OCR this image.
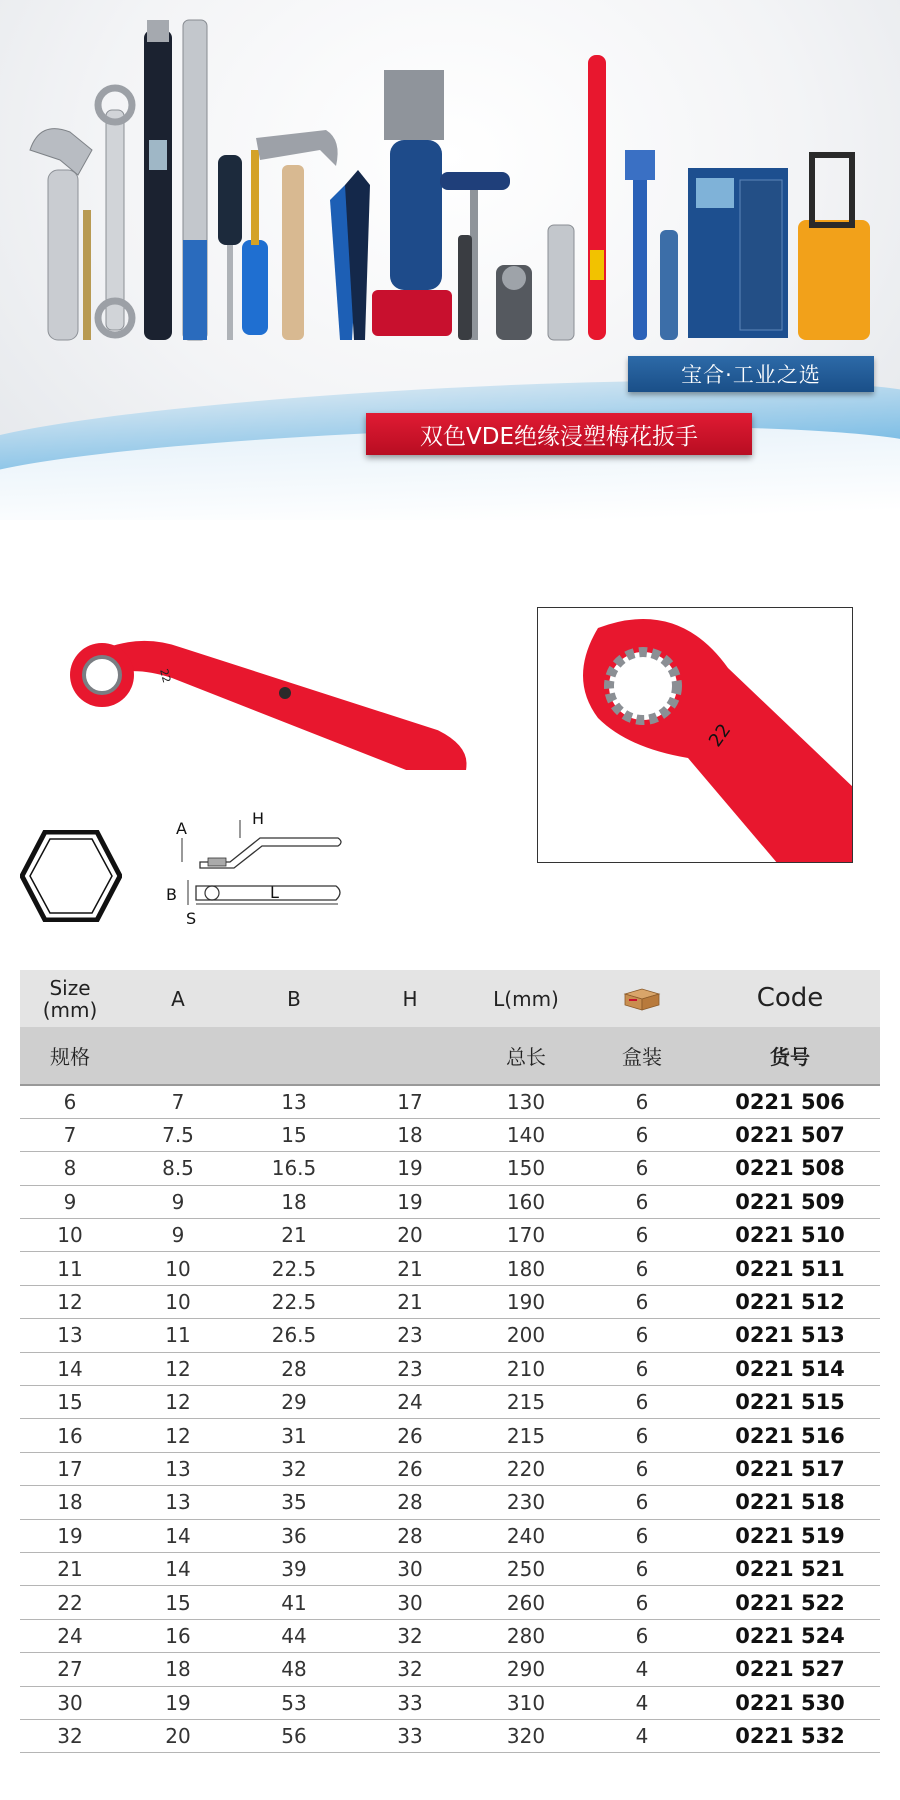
宝合·工业之选
双色VDE绝缘浸塑梅花扳手
22
22
A
H
B
S
L
Size
(mm)	A	B	H	L(mm)		Code
规格				总长	盒装	货号
6	7	13	17	130	6	0221 506
7	7.5	15	18	140	6	0221 507
8	8.5	16.5	19	150	6	0221 508
9	9	18	19	160	6	0221 509
10	9	21	20	170	6	0221 510
11	10	22.5	21	180	6	0221 511
12	10	22.5	21	190	6	0221 512
13	11	26.5	23	200	6	0221 513
14	12	28	23	210	6	0221 514
15	12	29	24	215	6	0221 515
16	12	31	26	215	6	0221 516
17	13	32	26	220	6	0221 517
18	13	35	28	230	6	0221 518
19	14	36	28	240	6	0221 519
21	14	39	30	250	6	0221 521
22	15	41	30	260	6	0221 522
24	16	44	32	280	6	0221 524
27	18	48	32	290	4	0221 527
30	19	53	33	310	4	0221 530
32	20	56	33	320	4	0221 532
